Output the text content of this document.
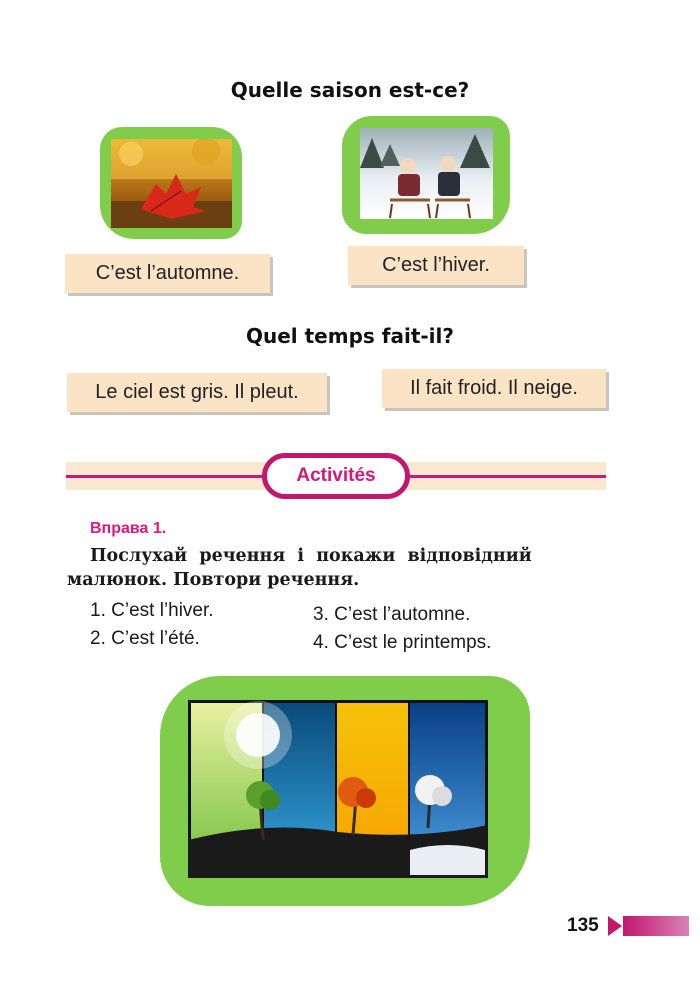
Quelle saison est-ce?
C’est l’automne.	C’est l’hiver.
Quel temps fait-il?
Le ciel est gris. Il pleut.	Il fait froid. Il neige.
Activités
Вправа 1.
Послухай  речення  і  покажи  відповідний
малюнок. Повтори речення.
1. C’est l’hiver.
2. C’est l’été.
3. C’est l’automne.
4. C’est le printemps.
135
